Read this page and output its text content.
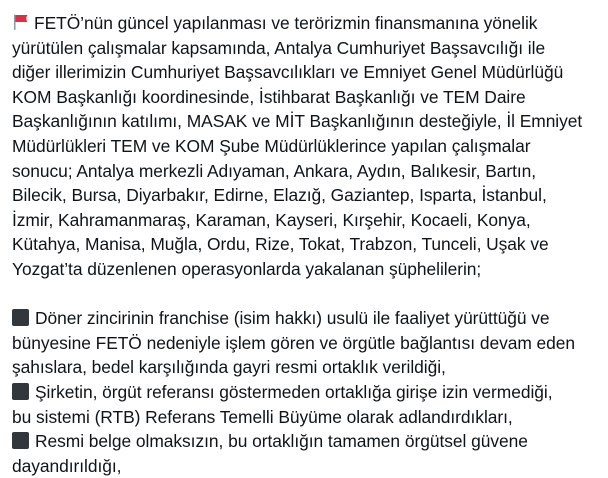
FETÖ’nün güncel yapılanması ve terörizmin finansmanına yönelik
yürütülen çalışmalar kapsamında, Antalya Cumhuriyet Başsavcılığı ile
diğer illerimizin Cumhuriyet Başsavcılıkları ve Emniyet Genel Müdürlüğü
KOM Başkanlığı koordinesinde, İstihbarat Başkanlığı ve TEM Daire
Başkanlığının katılımı, MASAK ve MİT Başkanlığının desteğiyle, İl Emniyet
Müdürlükleri TEM ve KOM Şube Müdürlüklerince yapılan çalışmalar
sonucu; Antalya merkezli Adıyaman, Ankara, Aydın, Balıkesir, Bartın,
Bilecik, Bursa, Diyarbakır, Edirne, Elazığ, Gaziantep, Isparta, İstanbul,
İzmir, Kahramanmaraş, Karaman, Kayseri, Kırşehir, Kocaeli, Konya,
Kütahya, Manisa, Muğla, Ordu, Rize, Tokat, Trabzon, Tunceli, Uşak ve
Yozgat’ta düzenlenen operasyonlarda yakalanan şüphelilerin;

Döner zincirinin franchise (isim hakkı) usulü ile faaliyet yürüttüğü ve
bünyesine FETÖ nedeniyle işlem gören ve örgütle bağlantısı devam eden
şahıslara, bedel karşılığında gayri resmi ortaklık verildiği,
Şirketin, örgüt referansı göstermeden ortaklığa girişe izin vermediği,
bu sistemi (RTB) Referans Temelli Büyüme olarak adlandırdıkları,
Resmi belge olmaksızın, bu ortaklığın tamamen örgütsel güvene
dayandırıldığı,
